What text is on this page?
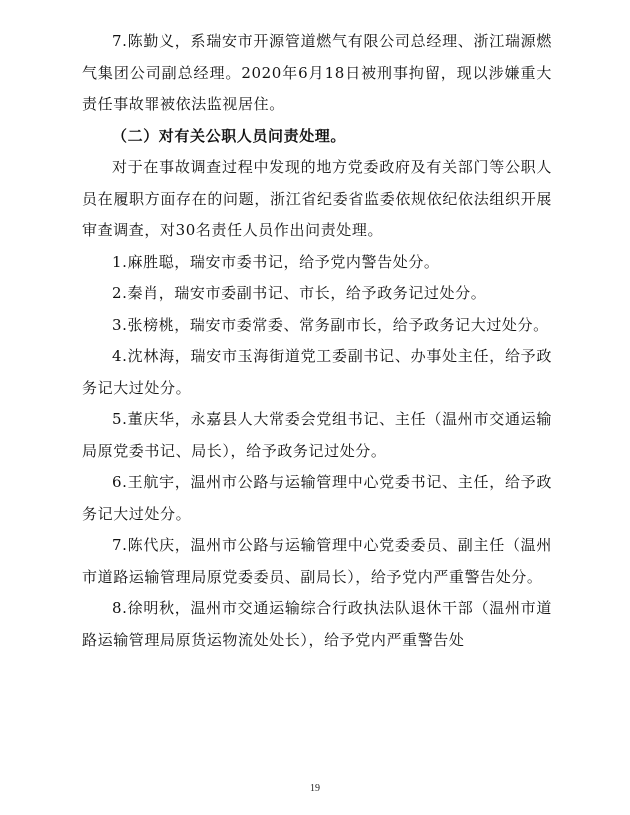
7.陈勤义，系瑞安市开源管道燃气有限公司总经理、浙江瑞源燃气集团公司副总经理。2020年6月18日被刑事拘留，现以涉嫌重大责任事故罪被依法监视居住。

（二）对有关公职人员问责处理。

对于在事故调查过程中发现的地方党委政府及有关部门等公职人员在履职方面存在的问题，浙江省纪委省监委依规依纪依法组织开展审查调查，对30名责任人员作出问责处理。

1.麻胜聪，瑞安市委书记，给予党内警告处分。

2.秦肖，瑞安市委副书记、市长，给予政务记过处分。

3.张榜桃，瑞安市委常委、常务副市长，给予政务记大过处分。

4.沈林海，瑞安市玉海街道党工委副书记、办事处主任，给予政务记大过处分。

5.董庆华，永嘉县人大常委会党组书记、主任（温州市交通运输局原党委书记、局长），给予政务记过处分。

6.王航宇，温州市公路与运输管理中心党委书记、主任，给予政务记大过处分。

7.陈代庆，温州市公路与运输管理中心党委委员、副主任（温州市道路运输管理局原党委委员、副局长），给予党内严重警告处分。

8.徐明秋，温州市交通运输综合行政执法队退休干部（温州市道路运输管理局原货运物流处处长），给予党内严重警告处

19
